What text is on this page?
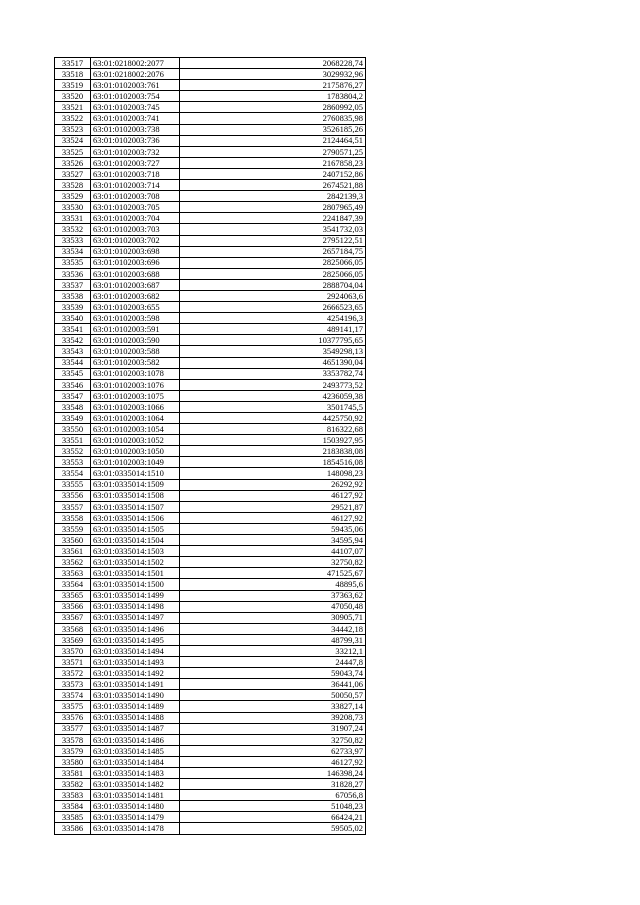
33517	63:01:0218002:2077	2068228,74
33518	63:01:0218002:2076	3029932,96
33519	63:01:0102003:761	2175876,27
33520	63:01:0102003:754	1783804,2
33521	63:01:0102003:745	2860992,05
33522	63:01:0102003:741	2760835,98
33523	63:01:0102003:738	3526185,26
33524	63:01:0102003:736	2124464,51
33525	63:01:0102003:732	2790571,25
33526	63:01:0102003:727	2167858,23
33527	63:01:0102003:718	2407152,86
33528	63:01:0102003:714	2674521,88
33529	63:01:0102003:708	2842139,3
33530	63:01:0102003:705	2807965,49
33531	63:01:0102003:704	2241847,39
33532	63:01:0102003:703	3541732,03
33533	63:01:0102003:702	2795122,51
33534	63:01:0102003:698	2657184,75
33535	63:01:0102003:696	2825066,05
33536	63:01:0102003:688	2825066,05
33537	63:01:0102003:687	2888704,04
33538	63:01:0102003:682	2924063,6
33539	63:01:0102003:655	2666523,65
33540	63:01:0102003:598	4254196,3
33541	63:01:0102003:591	489141,17
33542	63:01:0102003:590	10377795,65
33543	63:01:0102003:588	3549298,13
33544	63:01:0102003:582	4651390,04
33545	63:01:0102003:1078	3353782,74
33546	63:01:0102003:1076	2493773,52
33547	63:01:0102003:1075	4236059,38
33548	63:01:0102003:1066	3501745,5
33549	63:01:0102003:1064	4425750,92
33550	63:01:0102003:1054	816322,68
33551	63:01:0102003:1052	1503927,95
33552	63:01:0102003:1050	2183838,08
33553	63:01:0102003:1049	1854516,08
33554	63:01:0335014:1510	148098,23
33555	63:01:0335014:1509	26292,92
33556	63:01:0335014:1508	46127,92
33557	63:01:0335014:1507	29521,87
33558	63:01:0335014:1506	46127,92
33559	63:01:0335014:1505	59435,06
33560	63:01:0335014:1504	34595,94
33561	63:01:0335014:1503	44107,07
33562	63:01:0335014:1502	32750,82
33563	63:01:0335014:1501	471525,67
33564	63:01:0335014:1500	48895,6
33565	63:01:0335014:1499	37363,62
33566	63:01:0335014:1498	47050,48
33567	63:01:0335014:1497	30905,71
33568	63:01:0335014:1496	34442,18
33569	63:01:0335014:1495	48799,31
33570	63:01:0335014:1494	33212,1
33571	63:01:0335014:1493	24447,8
33572	63:01:0335014:1492	59043,74
33573	63:01:0335014:1491	36441,06
33574	63:01:0335014:1490	50050,57
33575	63:01:0335014:1489	33827,14
33576	63:01:0335014:1488	39208,73
33577	63:01:0335014:1487	31907,24
33578	63:01:0335014:1486	32750,82
33579	63:01:0335014:1485	62733,97
33580	63:01:0335014:1484	46127,92
33581	63:01:0335014:1483	146398,24
33582	63:01:0335014:1482	31828,27
33583	63:01:0335014:1481	67056,8
33584	63:01:0335014:1480	51048,23
33585	63:01:0335014:1479	66424,21
33586	63:01:0335014:1478	59505,02
